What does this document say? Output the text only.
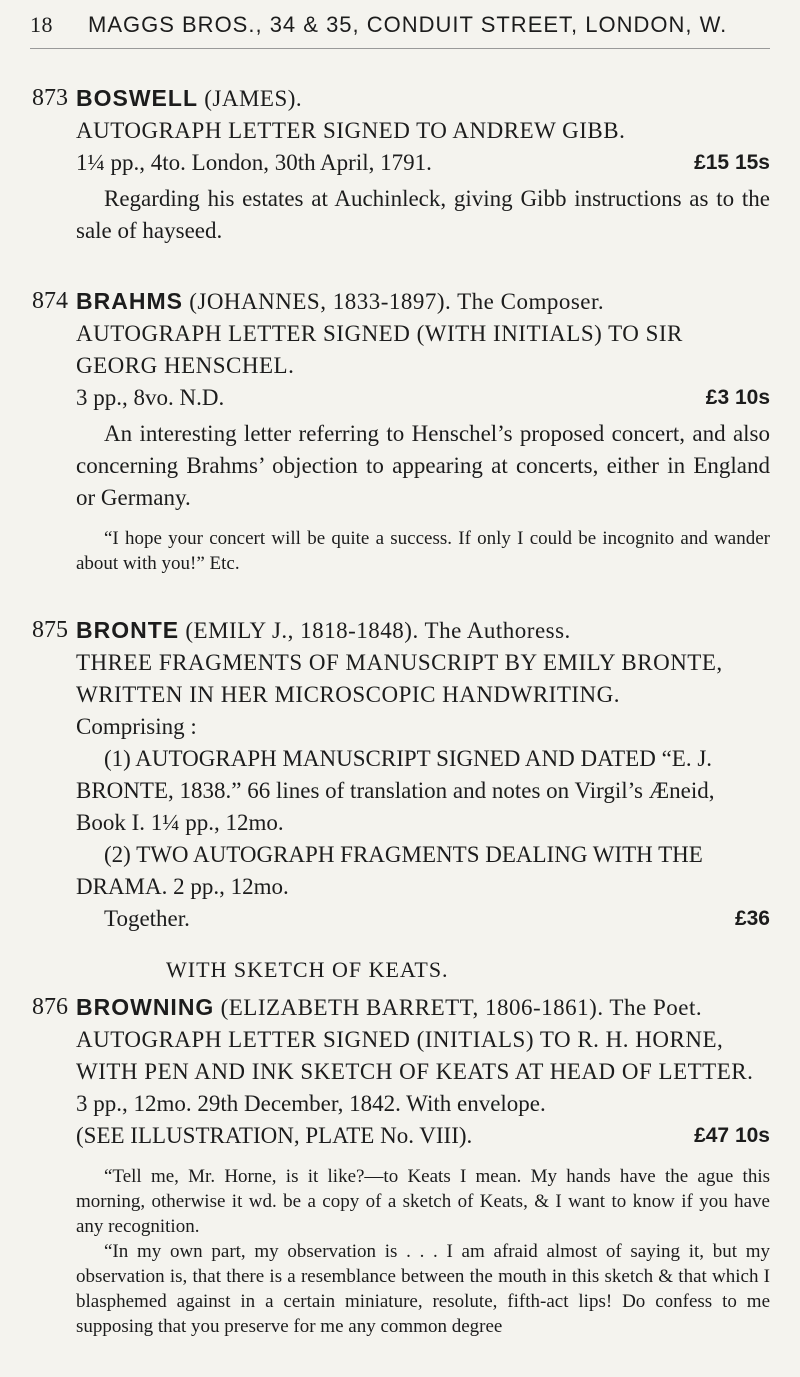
18 MAGGS BROS., 34 & 35, CONDUIT STREET, LONDON, W.
873 BOSWELL (JAMES).
AUTOGRAPH LETTER SIGNED TO ANDREW GIBB.
1¼ pp., 4to. London, 30th April, 1791.	£15 15s

Regarding his estates at Auchinleck, giving Gibb instructions as to the sale of hayseed.

874 BRAHMS (JOHANNES, 1833-1897). The Composer.
AUTOGRAPH LETTER SIGNED (WITH INITIALS) TO SIR GEORG HENSCHEL.
3 pp., 8vo. N.D.	£3 10s

An interesting letter referring to Henschel’s proposed concert, and also concerning Brahms’ objection to appearing at concerts, either in England or Germany.

“I hope your concert will be quite a success. If only I could be incognito and wander about with you!” Etc.

875 BRONTE (EMILY J., 1818-1848). The Authoress.
THREE FRAGMENTS OF MANUSCRIPT BY EMILY BRONTE, WRITTEN IN HER MICROSCOPIC HANDWRITING.
Comprising :
(1) AUTOGRAPH MANUSCRIPT SIGNED AND DATED “E. J. BRONTE, 1838.” 66 lines of translation and notes on Virgil’s Æneid, Book I. 1¼ pp., 12mo.
(2) TWO AUTOGRAPH FRAGMENTS DEALING WITH THE DRAMA. 2 pp., 12mo.
Together.	£36
WITH SKETCH OF KEATS.
876 BROWNING (ELIZABETH BARRETT, 1806-1861). The Poet.
AUTOGRAPH LETTER SIGNED (INITIALS) TO R. H. HORNE, WITH PEN AND INK SKETCH OF KEATS AT HEAD OF LETTER.
3 pp., 12mo. 29th December, 1842. With envelope.
(SEE ILLUSTRATION, PLATE No. VIII).	£47 10s

“Tell me, Mr. Horne, is it like?—to Keats I mean. My hands have the ague this morning, otherwise it wd. be a copy of a sketch of Keats, & I want to know if you have any recognition.

“In my own part, my observation is . . . I am afraid almost of saying it, but my observation is, that there is a resemblance between the mouth in this sketch & that which I blasphemed against in a certain miniature, resolute, fifth-act lips! Do confess to me supposing that you preserve for me any common degree
